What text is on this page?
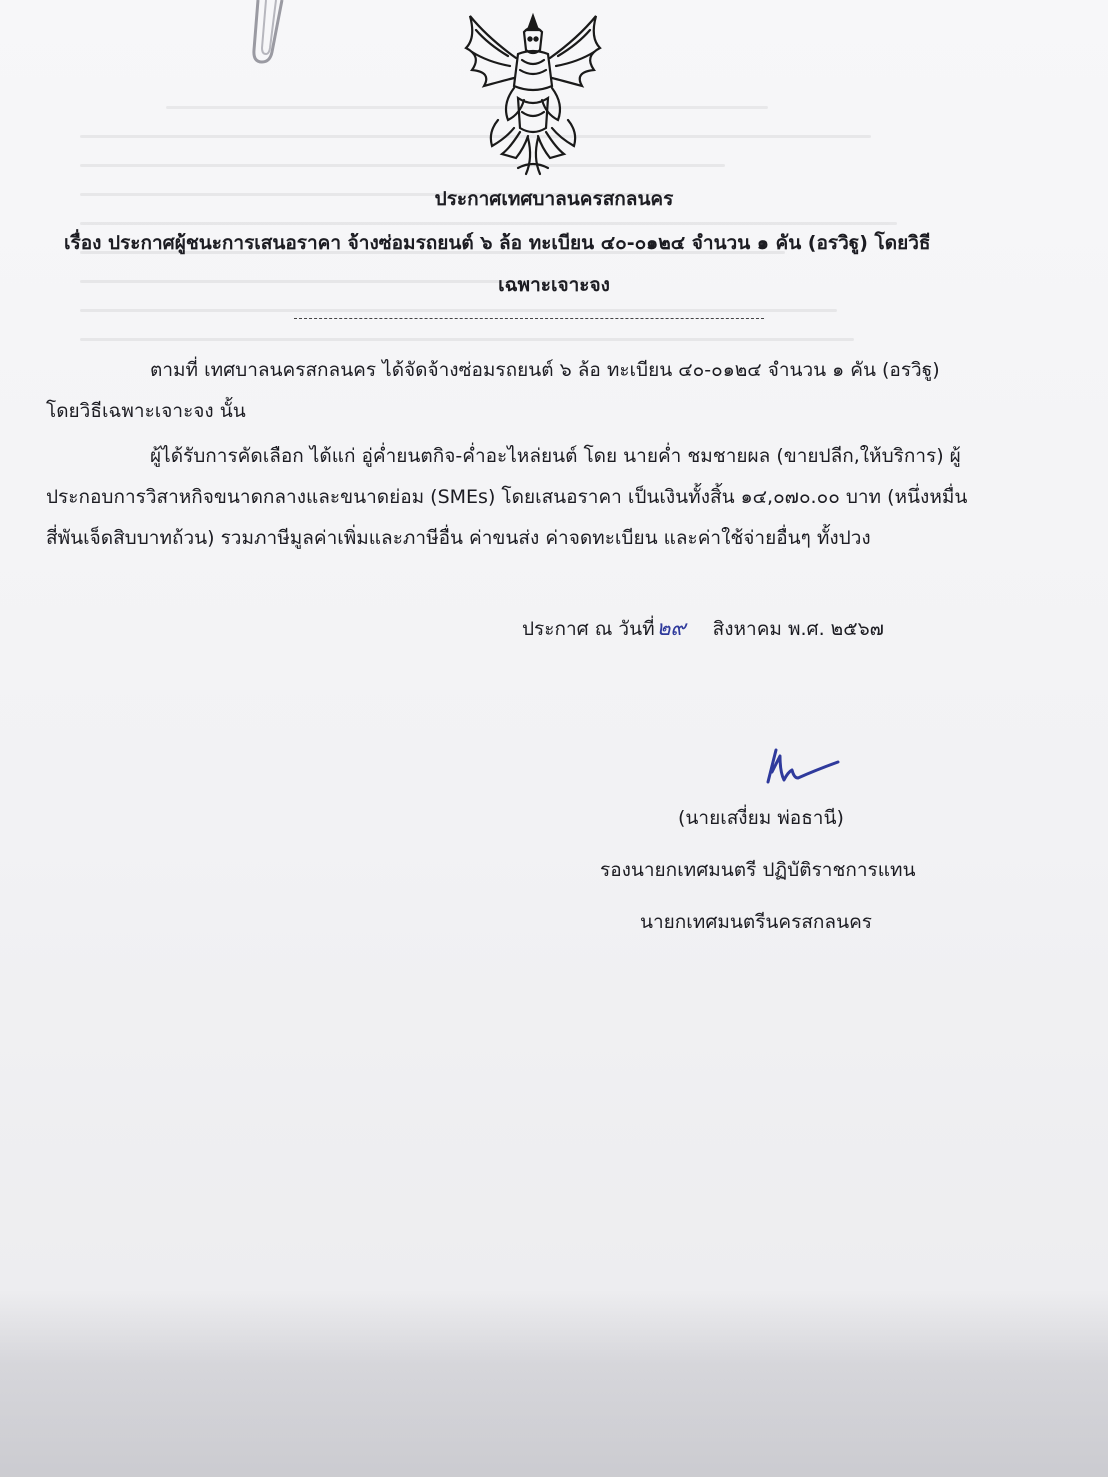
ประกาศเทศบาลนครสกลนคร
เรื่อง ประกาศผู้ชนะการเสนอราคา จ้างซ่อมรถยนต์ ๖ ล้อ ทะเบียน ๔๐-๐๑๒๔ จำนวน ๑ คัน (อรวิฐู) โดยวิธี
เฉพาะเจาะจง
ตามที่ เทศบาลนครสกลนคร ได้จัดจ้างซ่อมรถยนต์ ๖ ล้อ ทะเบียน ๔๐-๐๑๒๔ จำนวน ๑ คัน (อรวิฐู)
โดยวิธีเฉพาะเจาะจง นั้น
ผู้ได้รับการคัดเลือก ได้แก่ อู่ค่ำยนตกิจ-ค่ำอะไหล่ยนต์ โดย นายค่ำ ชมชายผล (ขายปลีก,ให้บริการ) ผู้
ประกอบการวิสาหกิจขนาดกลางและขนาดย่อม (SMEs) โดยเสนอราคา เป็นเงินทั้งสิ้น ๑๔,๐๗๐.๐๐ บาท (หนึ่งหมื่น
สี่พันเจ็ดสิบบาทถ้วน) รวมภาษีมูลค่าเพิ่มและภาษีอื่น ค่าขนส่ง ค่าจดทะเบียน และค่าใช้จ่ายอื่นๆ ทั้งปวง
ประกาศ ณ วันที่๒๙ สิงหาคม พ.ศ. ๒๕๖๗
(นายเสงี่ยม พ่อธานี)
รองนายกเทศมนตรี ปฏิบัติราชการแทน
นายกเทศมนตรีนครสกลนคร
